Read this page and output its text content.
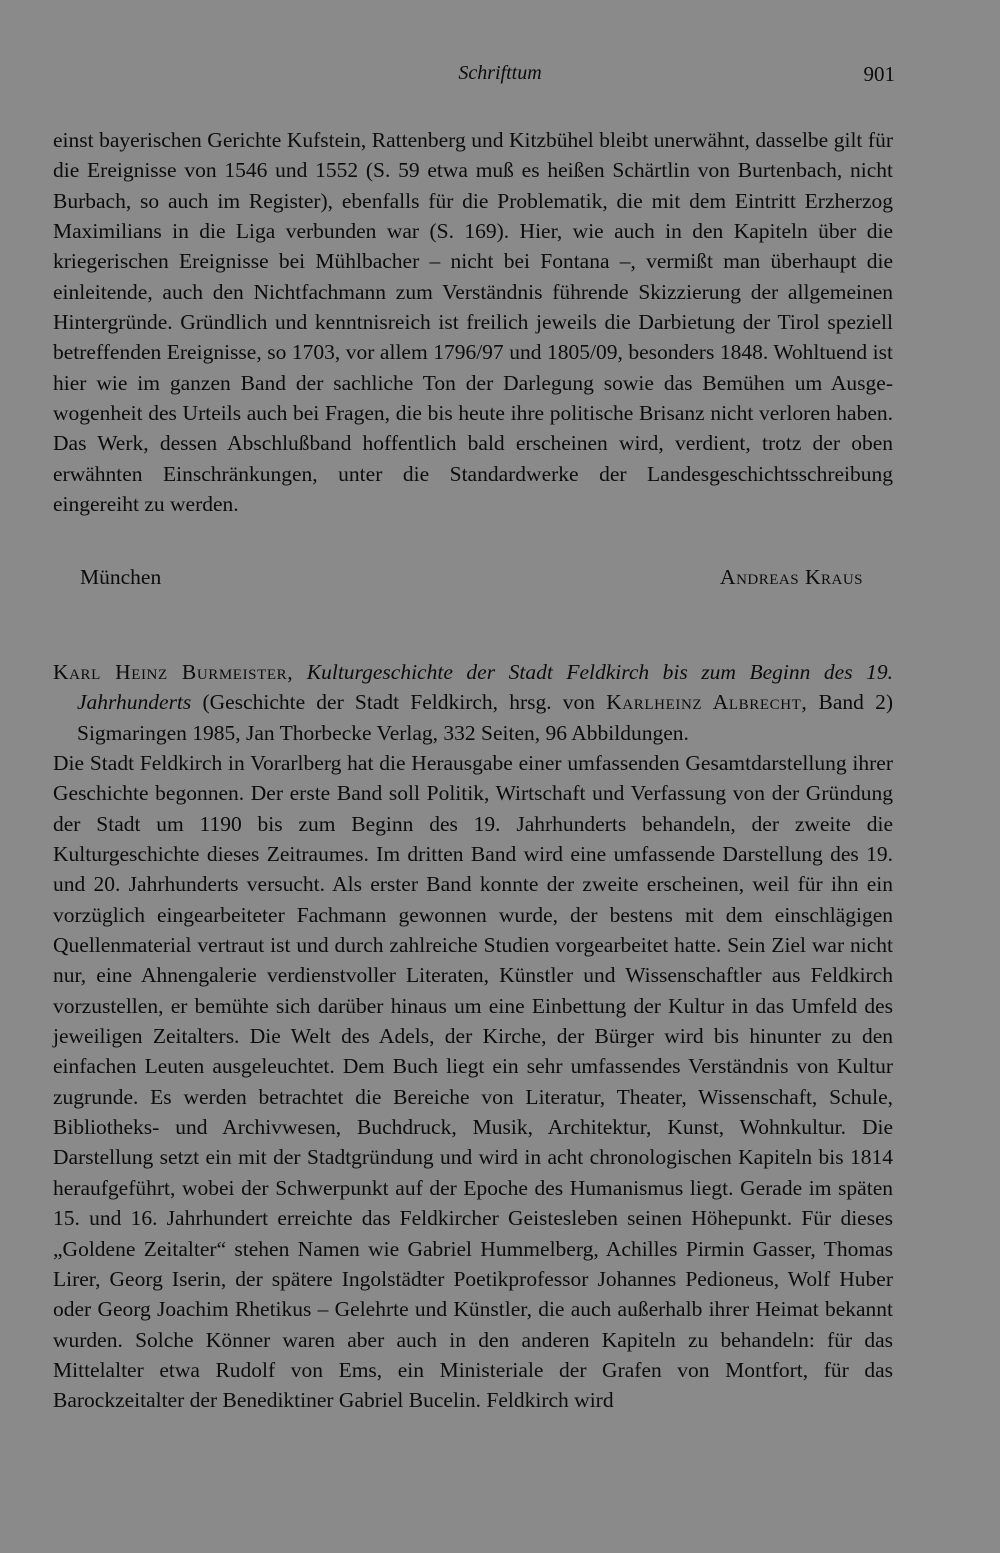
Schrifttum	901
einst bayerischen Gerichte Kufstein, Rattenberg und Kitzbühel bleibt unerwähnt, dasselbe gilt für die Ereignisse von 1546 und 1552 (S. 59 etwa muß es heißen Schärtlin von Burtenbach, nicht Burbach, so auch im Register), ebenfalls für die Problematik, die mit dem Eintritt Erzherzog Maximilians in die Liga verbunden war (S. 169). Hier, wie auch in den Kapiteln über die kriegerischen Ereignisse bei Mühlbacher – nicht bei Fontana –, vermißt man überhaupt die einleitende, auch den Nichtfachmann zum Verständnis führende Skizzierung der allgemeinen Hintergründe. Gründlich und kenntnisreich ist freilich jeweils die Darbietung der Tirol speziell betreffenden Ereignisse, so 1703, vor allem 1796/97 und 1805/09, besonders 1848. Wohltuend ist hier wie im ganzen Band der sachliche Ton der Darlegung sowie das Bemühen um Ausgewogenheit des Urteils auch bei Fragen, die bis heute ihre politische Brisanz nicht verloren haben. Das Werk, dessen Abschlußband hoffentlich bald erscheinen wird, verdient, trotz der oben erwähnten Einschränkungen, unter die Standardwerke der Landesgeschichtsschreibung eingereiht zu werden.
München	Andreas Kraus
Karl Heinz Burmeister, Kulturgeschichte der Stadt Feldkirch bis zum Beginn des 19. Jahrhunderts (Geschichte der Stadt Feldkirch, hrsg. von Karlheinz Albrecht, Band 2) Sigmaringen 1985, Jan Thorbecke Verlag, 332 Seiten, 96 Abbildungen.
Die Stadt Feldkirch in Vorarlberg hat die Herausgabe einer umfassenden Gesamtdarstellung ihrer Geschichte begonnen. Der erste Band soll Politik, Wirtschaft und Verfassung von der Gründung der Stadt um 1190 bis zum Beginn des 19. Jahrhunderts behandeln, der zweite die Kulturgeschichte dieses Zeitraumes. Im dritten Band wird eine umfassende Darstellung des 19. und 20. Jahrhunderts versucht. Als erster Band konnte der zweite erscheinen, weil für ihn ein vorzüglich eingearbeiteter Fachmann gewonnen wurde, der bestens mit dem einschlägigen Quellenmaterial vertraut ist und durch zahlreiche Studien vorgearbeitet hatte. Sein Ziel war nicht nur, eine Ahnengalerie verdienstvoller Literaten, Künstler und Wissenschaftler aus Feldkirch vorzustellen, er bemühte sich darüber hinaus um eine Einbettung der Kultur in das Umfeld des jeweiligen Zeitalters. Die Welt des Adels, der Kirche, der Bürger wird bis hinunter zu den einfachen Leuten ausgeleuchtet. Dem Buch liegt ein sehr umfassendes Verständnis von Kultur zugrunde. Es werden betrachtet die Bereiche von Literatur, Theater, Wissenschaft, Schule, Bibliotheks- und Archivwesen, Buchdruck, Musik, Architektur, Kunst, Wohnkultur. Die Darstellung setzt ein mit der Stadtgründung und wird in acht chronologischen Kapiteln bis 1814 heraufgeführt, wobei der Schwerpunkt auf der Epoche des Humanismus liegt. Gerade im späten 15. und 16. Jahrhundert erreichte das Feldkircher Geistesleben seinen Höhepunkt. Für dieses „Goldene Zeitalter“ stehen Namen wie Gabriel Hummelberg, Achilles Pirmin Gasser, Thomas Lirer, Georg Iserin, der spätere Ingolstädter Poetikprofessor Johannes Pedioneus, Wolf Huber oder Georg Joachim Rhetikus – Gelehrte und Künstler, die auch außerhalb ihrer Heimat bekannt wurden. Solche Könner waren aber auch in den anderen Kapiteln zu behandeln: für das Mittelalter etwa Rudolf von Ems, ein Ministeriale der Grafen von Montfort, für das Barockzeitalter der Benediktiner Gabriel Bucelin. Feldkirch wird
